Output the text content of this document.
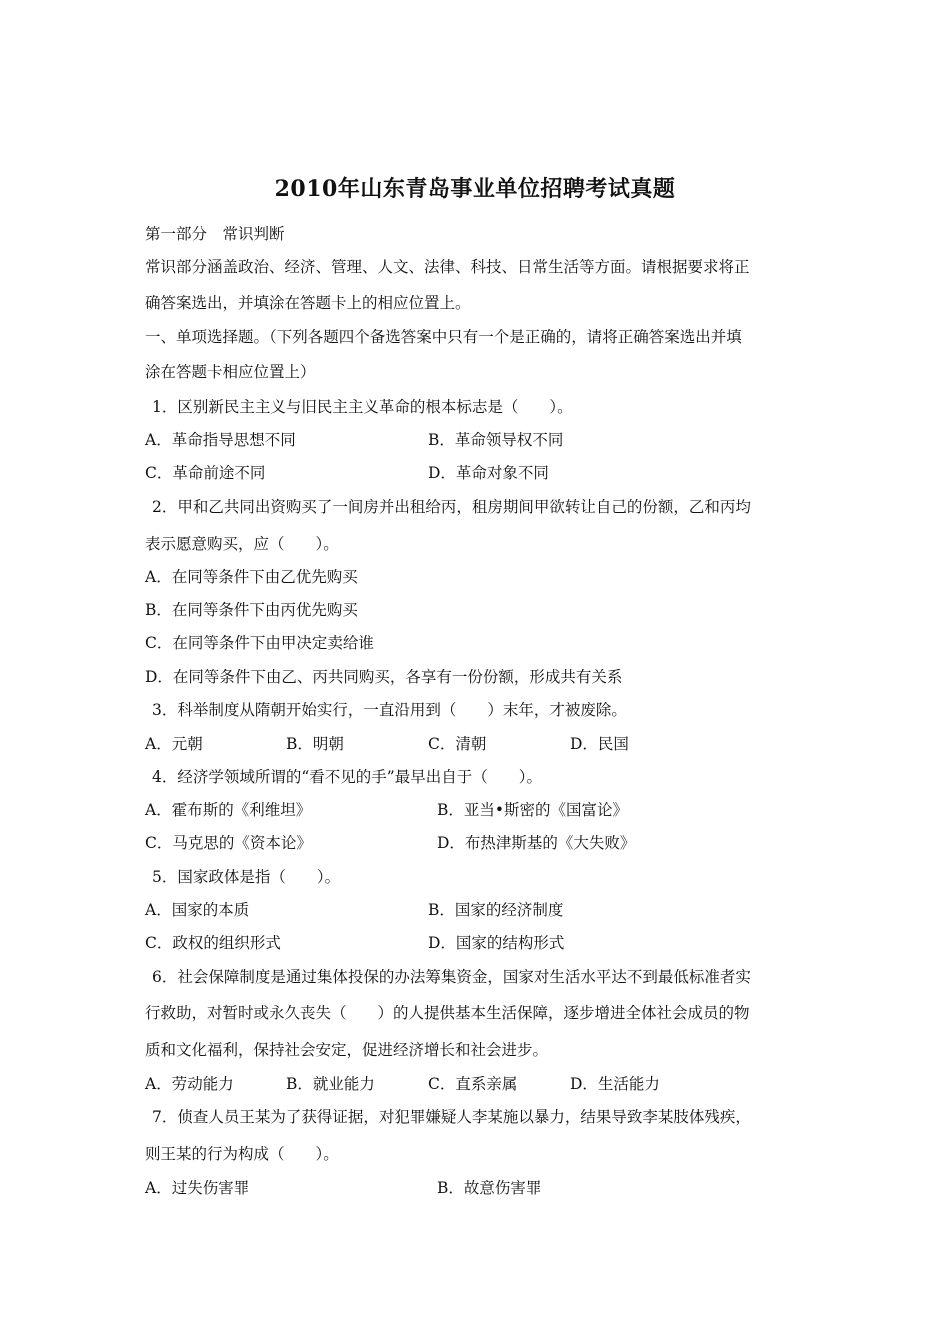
2010年山东青岛事业单位招聘考试真题
第一部分　常识判断
常识部分涵盖政治、经济、管理、人文、法律、科技、日常生活等方面。请根据要求将正
确答案选出，并填涂在答题卡上的相应位置上。
一、单项选择题。（下列各题四个备选答案中只有一个是正确的，请将正确答案选出并填
涂在答题卡相应位置上）
1．区别新民主主义与旧民主主义革命的根本标志是（　　）。
A．革命指导思想不同	B．革命领导权不同
C．革命前途不同	D．革命对象不同
2．甲和乙共同出资购买了一间房并出租给丙，租房期间甲欲转让自己的份额，乙和丙均
表示愿意购买，应（　　）。
A．在同等条件下由乙优先购买
B．在同等条件下由丙优先购买
C．在同等条件下由甲决定卖给谁
D．在同等条件下由乙、丙共同购买，各享有一份份额，形成共有关系
3．科举制度从隋朝开始实行，一直沿用到（　　）末年，才被废除。
A．元朝	B．明朝	C．清朝	D．民国
4．经济学领域所谓的“看不见的手”最早出自于（　　）。
A．霍布斯的《利维坦》	B．亚当•斯密的《国富论》
C．马克思的《资本论》	D．布热津斯基的《大失败》
5．国家政体是指（　　）。
A．国家的本质	B．国家的经济制度
C．政权的组织形式	D．国家的结构形式
6．社会保障制度是通过集体投保的办法筹集资金，国家对生活水平达不到最低标准者实
行救助，对暂时或永久丧失（　　）的人提供基本生活保障，逐步增进全体社会成员的物
质和文化福利，保持社会安定，促进经济增长和社会进步。
A．劳动能力	B．就业能力	C．直系亲属	D．生活能力
7．侦查人员王某为了获得证据，对犯罪嫌疑人李某施以暴力，结果导致李某肢体残疾，
则王某的行为构成（　　）。
A．过失伤害罪	B．故意伤害罪
